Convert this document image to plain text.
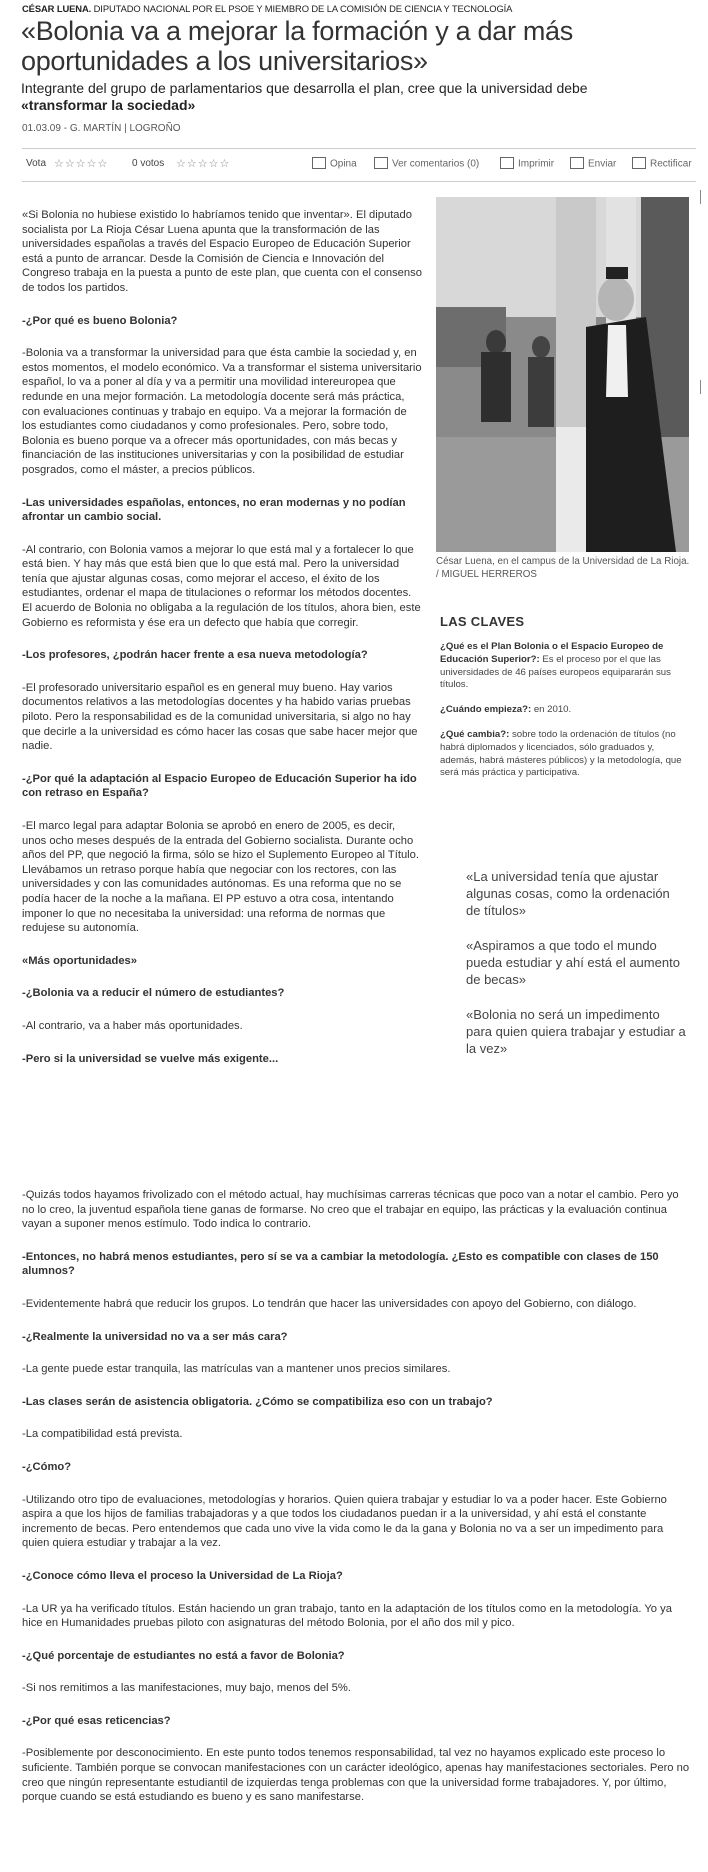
CÉSAR LUENA. DIPUTADO NACIONAL POR EL PSOE Y MIEMBRO DE LA COMISIÓN DE CIENCIA Y TECNOLOGÍA
«Bolonia va a mejorar la formación y a dar más oportunidades a los universitarios»
Integrante del grupo de parlamentarios que desarrolla el plan, cree que la universidad debe «transformar la sociedad»
01.03.09 - G. MARTÍN | LOGROÑO
Vota ☆☆☆☆☆ 0 votos ☆☆☆☆☆	Opina	Ver comentarios (0)	Imprimir	Enviar	Rectificar

«Si Bolonia no hubiese existido lo habríamos tenido que inventar». El diputado socialista por La Rioja César Luena apunta que la transformación de las universidades españolas a través del Espacio Europeo de Educación Superior está a punto de arrancar. Desde la Comisión de Ciencia e Innovación del Congreso trabaja en la puesta a punto de este plan, que cuenta con el consenso de todos los partidos.

-¿Por qué es bueno Bolonia?

-Bolonia va a transformar la universidad para que ésta cambie la sociedad y, en estos momentos, el modelo económico. Va a transformar el sistema universitario español, lo va a poner al día y va a permitir una movilidad intereuropea que redunde en una mejor formación. La metodología docente será más práctica, con evaluaciones continuas y trabajo en equipo. Va a mejorar la formación de los estudiantes como ciudadanos y como profesionales. Pero, sobre todo, Bolonia es bueno porque va a ofrecer más oportunidades, con más becas y financiación de las instituciones universitarias y con la posibilidad de estudiar posgrados, como el máster, a precios públicos.

-Las universidades españolas, entonces, no eran modernas y no podían afrontar un cambio social.

-Al contrario, con Bolonia vamos a mejorar lo que está mal y a fortalecer lo que está bien. Y hay más que está bien que lo que está mal. Pero la universidad tenía que ajustar algunas cosas, como mejorar el acceso, el éxito de los estudiantes, ordenar el mapa de titulaciones o reformar los métodos docentes. El acuerdo de Bolonia no obligaba a la regulación de los títulos, ahora bien, este Gobierno es reformista y ése era un defecto que había que corregir.

-Los profesores, ¿podrán hacer frente a esa nueva metodología?

-El profesorado universitario español es en general muy bueno. Hay varios documentos relativos a las metodologías docentes y ha habido varias pruebas piloto. Pero la responsabilidad es de la comunidad universitaria, si algo no hay que decirle a la universidad es cómo hacer las cosas que sabe hacer mejor que nadie.

-¿Por qué la adaptación al Espacio Europeo de Educación Superior ha ido con retraso en España?

-El marco legal para adaptar Bolonia se aprobó en enero de 2005, es decir, unos ocho meses después de la entrada del Gobierno socialista. Durante ocho años del PP, que negoció la firma, sólo se hizo el Suplemento Europeo al Título. Llevábamos un retraso porque había que negociar con los rectores, con las universidades y con las comunidades autónomas. Es una reforma que no se podía hacer de la noche a la mañana. El PP estuvo a otra cosa, intentando imponer lo que no necesitaba la universidad: una reforma de normas que redujese su autonomía.

«Más oportunidades»

-¿Bolonia va a reducir el número de estudiantes?

-Al contrario, va a haber más oportunidades.

-Pero si la universidad se vuelve más exigente...

César Luena, en el campus de la Universidad de La Rioja. / MIGUEL HERREROS
LAS CLAVES

¿Qué es el Plan Bolonia o el Espacio Europeo de Educación Superior?: Es el proceso por el que las universidades de 46 países europeos equipararán sus títulos.

¿Cuándo empieza?: en 2010.

¿Qué cambia?: sobre todo la ordenación de títulos (no habrá diplomados y licenciados, sólo graduados y, además, habrá másteres públicos) y la metodología, que será más práctica y participativa.

«La universidad tenía que ajustar algunas cosas, como la ordenación de títulos»

«Aspiramos a que todo el mundo pueda estudiar y ahí está el aumento de becas»

«Bolonia no será un impedimento para quien quiera trabajar y estudiar a la vez»

-Quizás todos hayamos frivolizado con el método actual, hay muchísimas carreras técnicas que poco van a notar el cambio. Pero yo no lo creo, la juventud española tiene ganas de formarse. No creo que el trabajar en equipo, las prácticas y la evaluación continua vayan a suponer menos estímulo. Todo indica lo contrario.

-Entonces, no habrá menos estudiantes, pero sí se va a cambiar la metodología. ¿Esto es compatible con clases de 150 alumnos?

-Evidentemente habrá que reducir los grupos. Lo tendrán que hacer las universidades con apoyo del Gobierno, con diálogo.

-¿Realmente la universidad no va a ser más cara?

-La gente puede estar tranquila, las matrículas van a mantener unos precios similares.

-Las clases serán de asistencia obligatoria. ¿Cómo se compatibiliza eso con un trabajo?

-La compatibilidad está prevista.

-¿Cómo?

-Utilizando otro tipo de evaluaciones, metodologías y horarios. Quien quiera trabajar y estudiar lo va a poder hacer. Este Gobierno aspira a que los hijos de familias trabajadoras y a que todos los ciudadanos puedan ir a la universidad, y ahí está el constante incremento de becas. Pero entendemos que cada uno vive la vida como le da la gana y Bolonia no va a ser un impedimento para quien quiera estudiar y trabajar a la vez.

-¿Conoce cómo lleva el proceso la Universidad de La Rioja?

-La UR ya ha verificado títulos. Están haciendo un gran trabajo, tanto en la adaptación de los títulos como en la metodología. Yo ya hice en Humanidades pruebas piloto con asignaturas del método Bolonia, por el año dos mil y pico.

-¿Qué porcentaje de estudiantes no está a favor de Bolonia?

-Si nos remitimos a las manifestaciones, muy bajo, menos del 5%.

-¿Por qué esas reticencias?

-Posiblemente por desconocimiento. En este punto todos tenemos responsabilidad, tal vez no hayamos explicado este proceso lo suficiente. También porque se convocan manifestaciones con un carácter ideológico, apenas hay manifestaciones sectoriales. Pero no creo que ningún representante estudiantil de izquierdas tenga problemas con que la universidad forme trabajadores. Y, por último, porque cuando se está estudiando es bueno y es sano manifestarse.
